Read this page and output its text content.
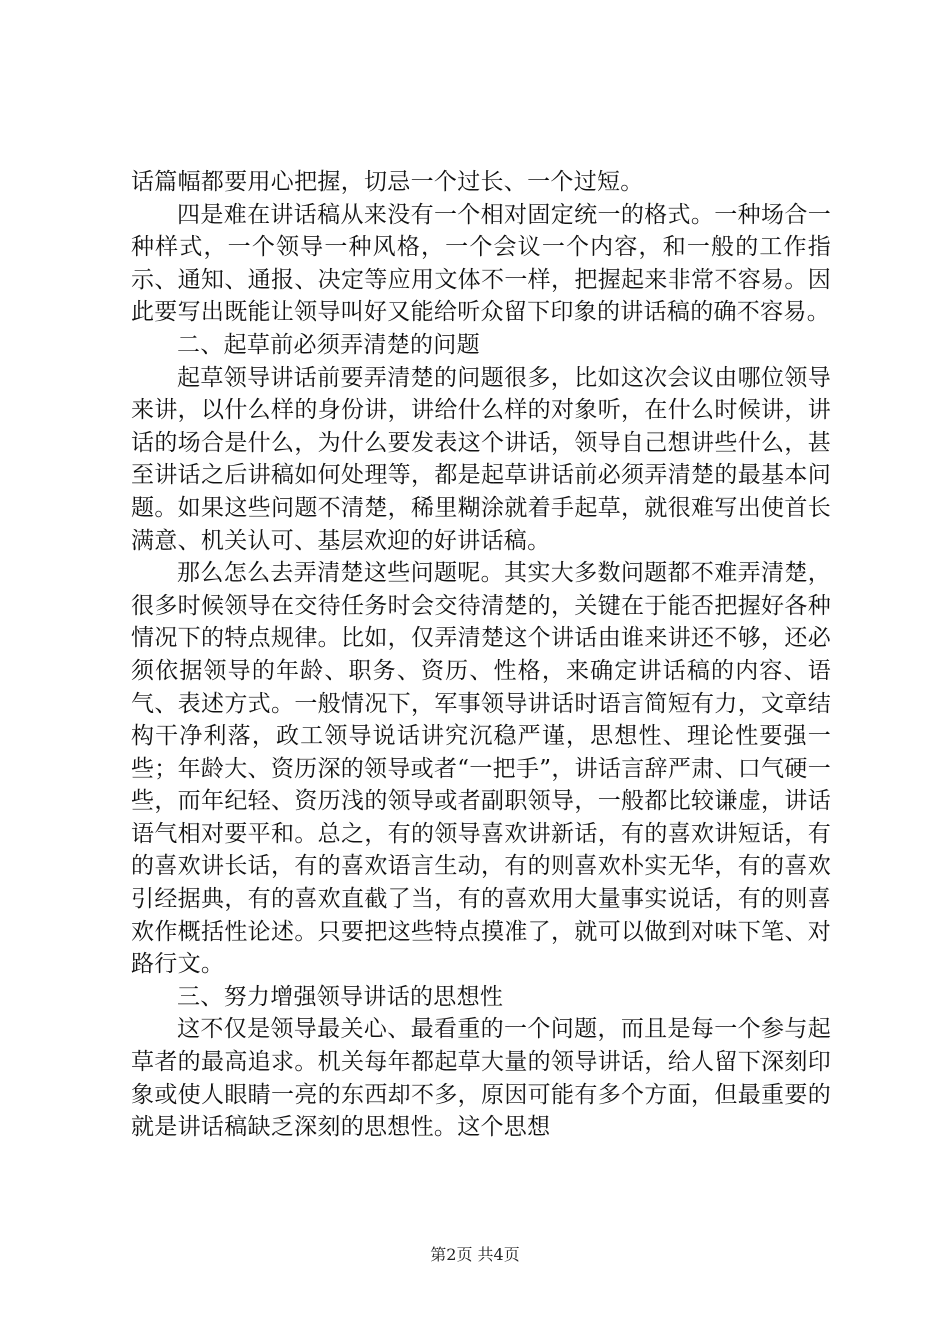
话篇幅都要用心把握，切忌一个过长、一个过短。

四是难在讲话稿从来没有一个相对固定统一的格式。一种场合一种样式，一个领导一种风格，一个会议一个内容，和一般的工作指示、通知、通报、决定等应用文体不一样，把握起来非常不容易。因此要写出既能让领导叫好又能给听众留下印象的讲话稿的确不容易。

二、起草前必须弄清楚的问题

起草领导讲话前要弄清楚的问题很多，比如这次会议由哪位领导来讲，以什么样的身份讲，讲给什么样的对象听，在什么时候讲，讲话的场合是什么，为什么要发表这个讲话，领导自己想讲些什么，甚至讲话之后讲稿如何处理等，都是起草讲话前必须弄清楚的最基本问题。如果这些问题不清楚，稀里糊涂就着手起草，就很难写出使首长满意、机关认可、基层欢迎的好讲话稿。

那么怎么去弄清楚这些问题呢。其实大多数问题都不难弄清楚，很多时候领导在交待任务时会交待清楚的，关键在于能否把握好各种情况下的特点规律。比如，仅弄清楚这个讲话由谁来讲还不够，还必须依据领导的年龄、职务、资历、性格，来确定讲话稿的内容、语气、表述方式。一般情况下，军事领导讲话时语言简短有力，文章结构干净利落，政工领导说话讲究沉稳严谨，思想性、理论性要强一些；年龄大、资历深的领导或者“一把手”，讲话言辞严肃、口气硬一些，而年纪轻、资历浅的领导或者副职领导，一般都比较谦虚，讲话语气相对要平和。总之，有的领导喜欢讲新话，有的喜欢讲短话，有的喜欢讲长话，有的喜欢语言生动，有的则喜欢朴实无华，有的喜欢引经据典，有的喜欢直截了当，有的喜欢用大量事实说话，有的则喜欢作概括性论述。只要把这些特点摸准了，就可以做到对味下笔、对路行文。

三、努力增强领导讲话的思想性

这不仅是领导最关心、最看重的一个问题，而且是每一个参与起草者的最高追求。机关每年都起草大量的领导讲话，给人留下深刻印象或使人眼睛一亮的东西却不多，原因可能有多个方面，但最重要的就是讲话稿缺乏深刻的思想性。这个思想

第2页 共4页
